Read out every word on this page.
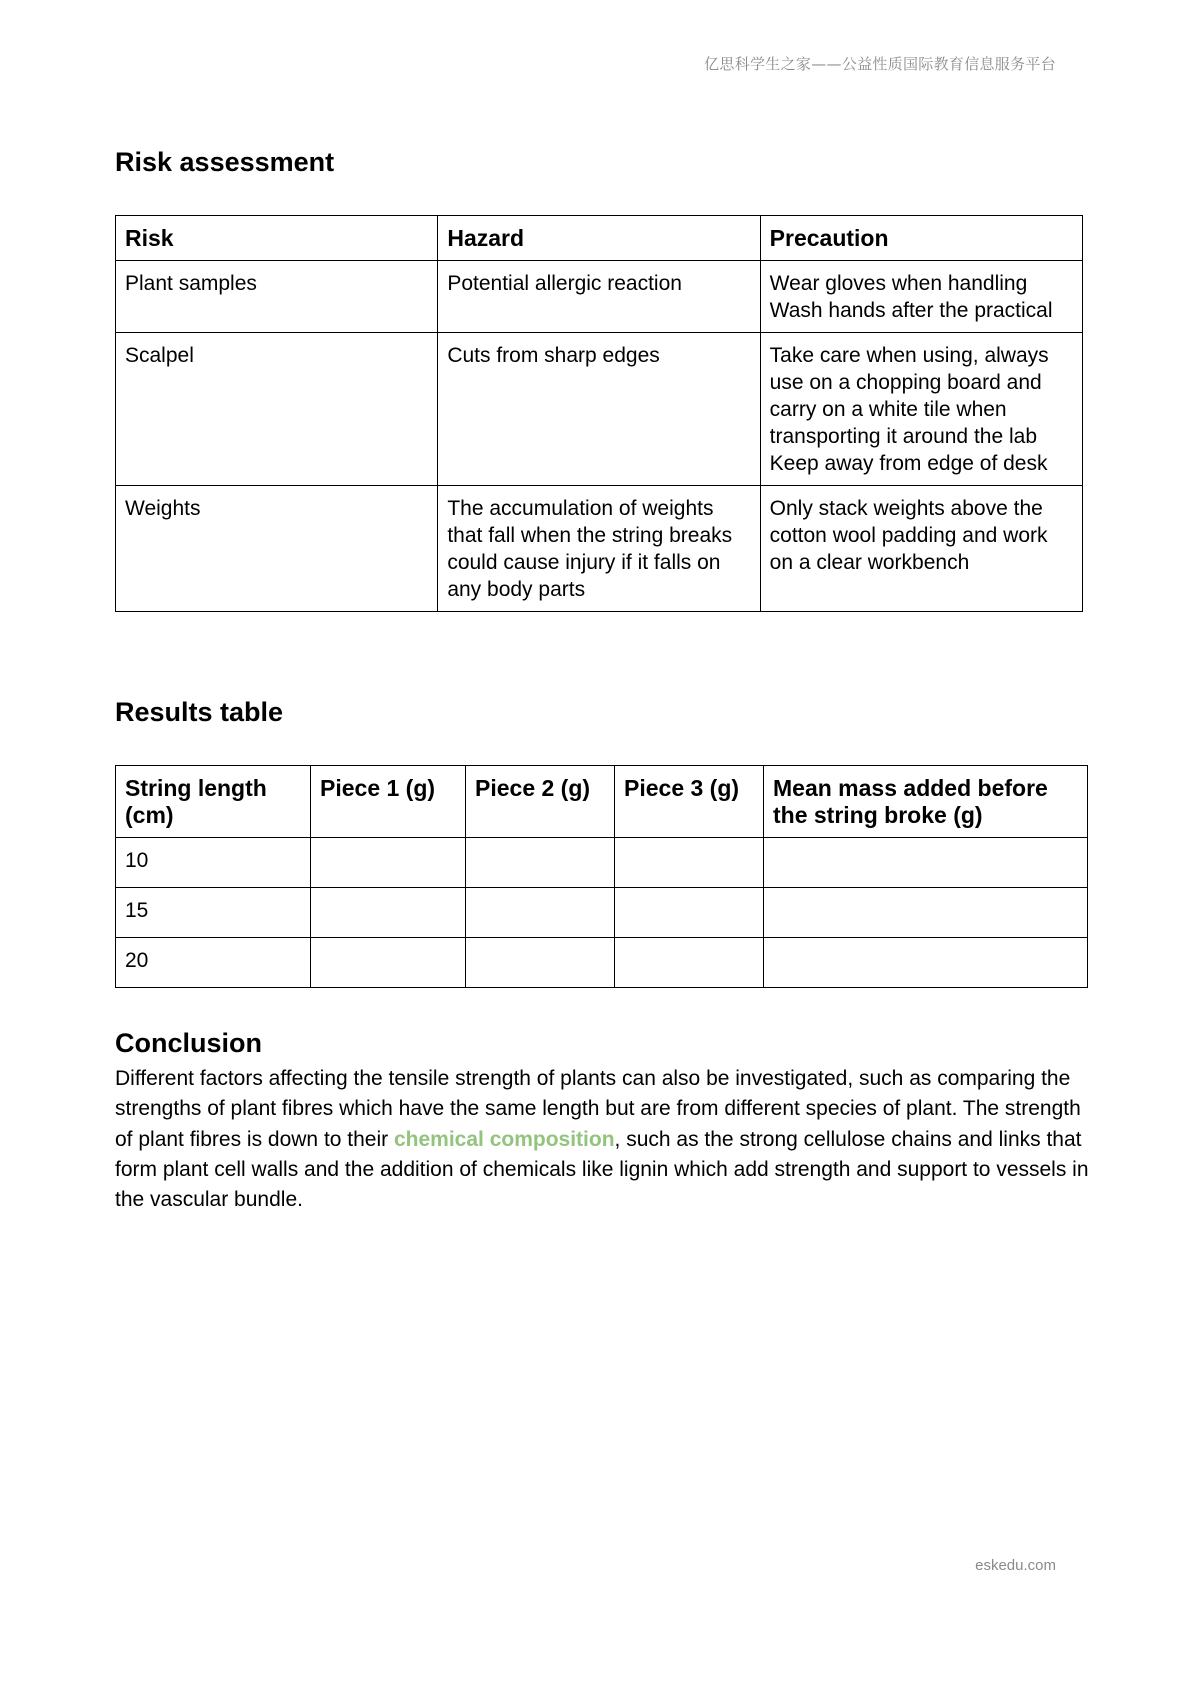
亿思科学生之家——公益性质国际教育信息服务平台
Risk assessment
Risk	Hazard	Precaution
Plant samples	Potential allergic reaction	Wear gloves when handling
Wash hands after the practical

Scalpel	Cuts from sharp edges	Take care when using, always use on a chopping board and carry on a white tile when transporting it around the lab
Keep away from edge of desk

Weights	The accumulation of weights that fall when the string breaks could cause injury if it falls on any body parts	Only stack weights above the cotton wool padding and work on a clear workbench
Results table
String length (cm)	Piece 1 (g)	Piece 2 (g)	Piece 3 (g)	Mean mass added before the string broke (g)
10				
15				
20				
Conclusion

Different factors affecting the tensile strength of plants can also be investigated, such as comparing the strengths of plant fibres which have the same length but are from different species of plant. The strength of plant fibres is down to their chemical composition, such as the strong cellulose chains and links that form plant cell walls and the addition of chemicals like lignin which add strength and support to vessels in the vascular bundle.

eskedu.com
